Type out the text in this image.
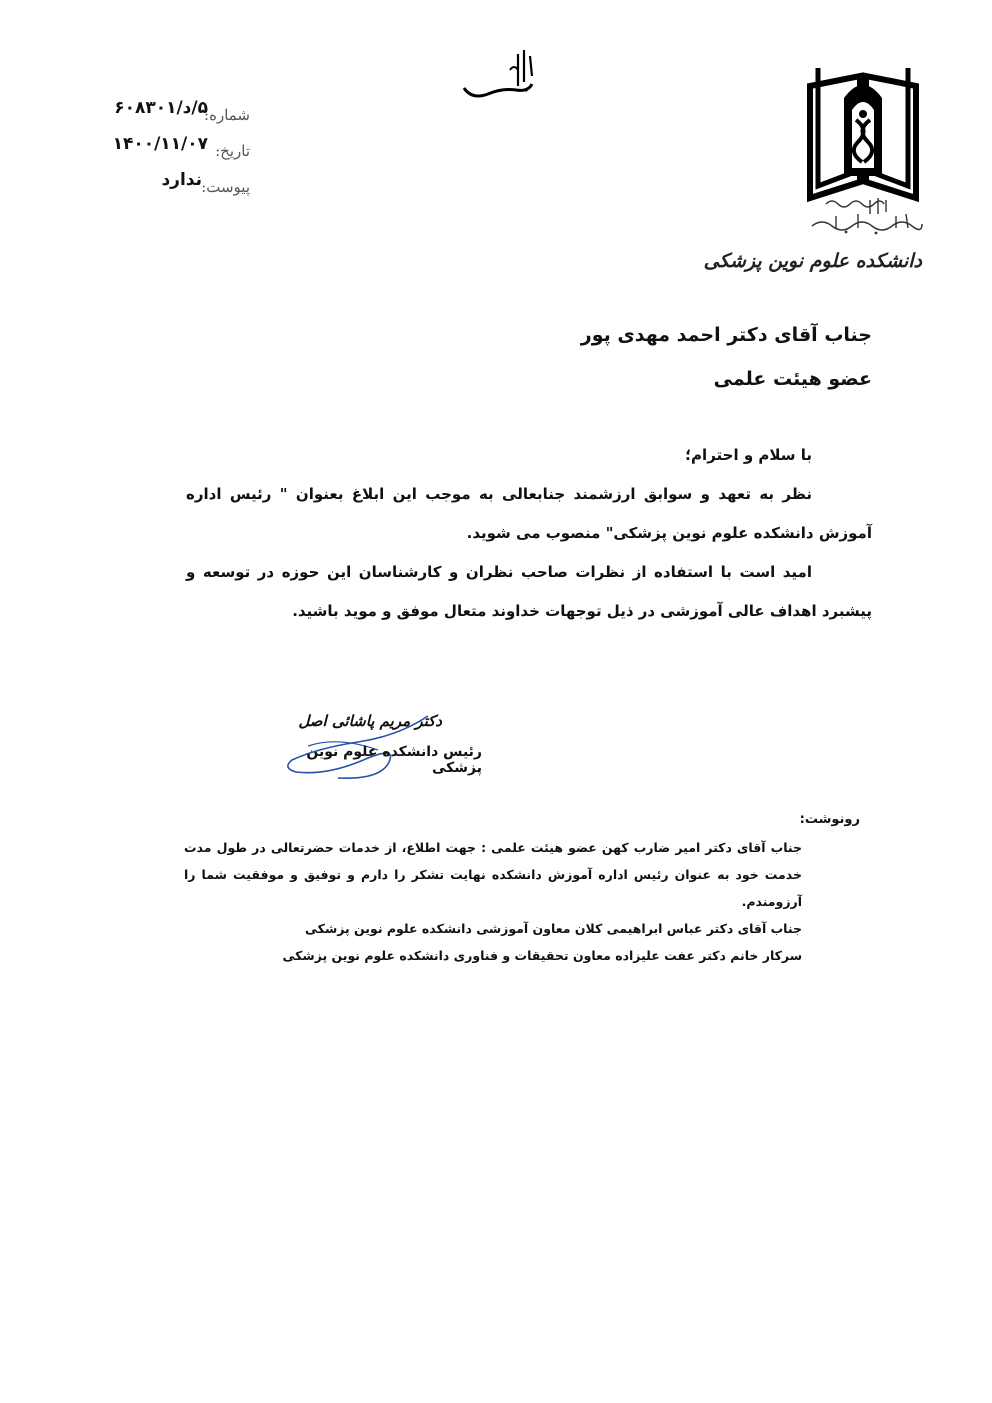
دانشکده علوم نوین پزشکی
شماره:
۵/د/۶۰۸۳۰۱
تاریخ:
۱۴۰۰/۱۱/۰۷
پیوست:
ندارد
جناب آقای دکتر احمد مهدی پور
عضو هیئت علمی

با سلام و احترام؛

نظر به تعهد و سوابق ارزشمند جنابعالی به موجب این ابلاغ بعنوان " رئیس اداره آموزش دانشکده علوم نوین پزشکی" منصوب می شوید.

امید است با استفاده از نظرات صاحب نظران و کارشناسان این حوزه در توسعه و پیشبرد اهداف عالی آموزشی در ذیل توجهات خداوند متعال موفق و موید باشید.

دکتر مریم پاشائی اصل
رئیس دانشکده علوم نوین پزشکی
رونوشت:

جناب آقای دکتر امیر ضارب کهن عضو هیئت علمی : جهت اطلاع، از خدمات حضرتعالی در طول مدت خدمت خود به عنوان رئیس اداره آموزش دانشکده نهایت تشکر را دارم و توفیق و موفقیت شما را آرزومندم.

جناب آقای دکتر عباس ابراهیمی کلان معاون آموزشی دانشکده علوم نوین پزشکی

سرکار خانم دکتر عفت علیزاده معاون تحقیقات و فناوری دانشکده علوم نوین پزشکی
